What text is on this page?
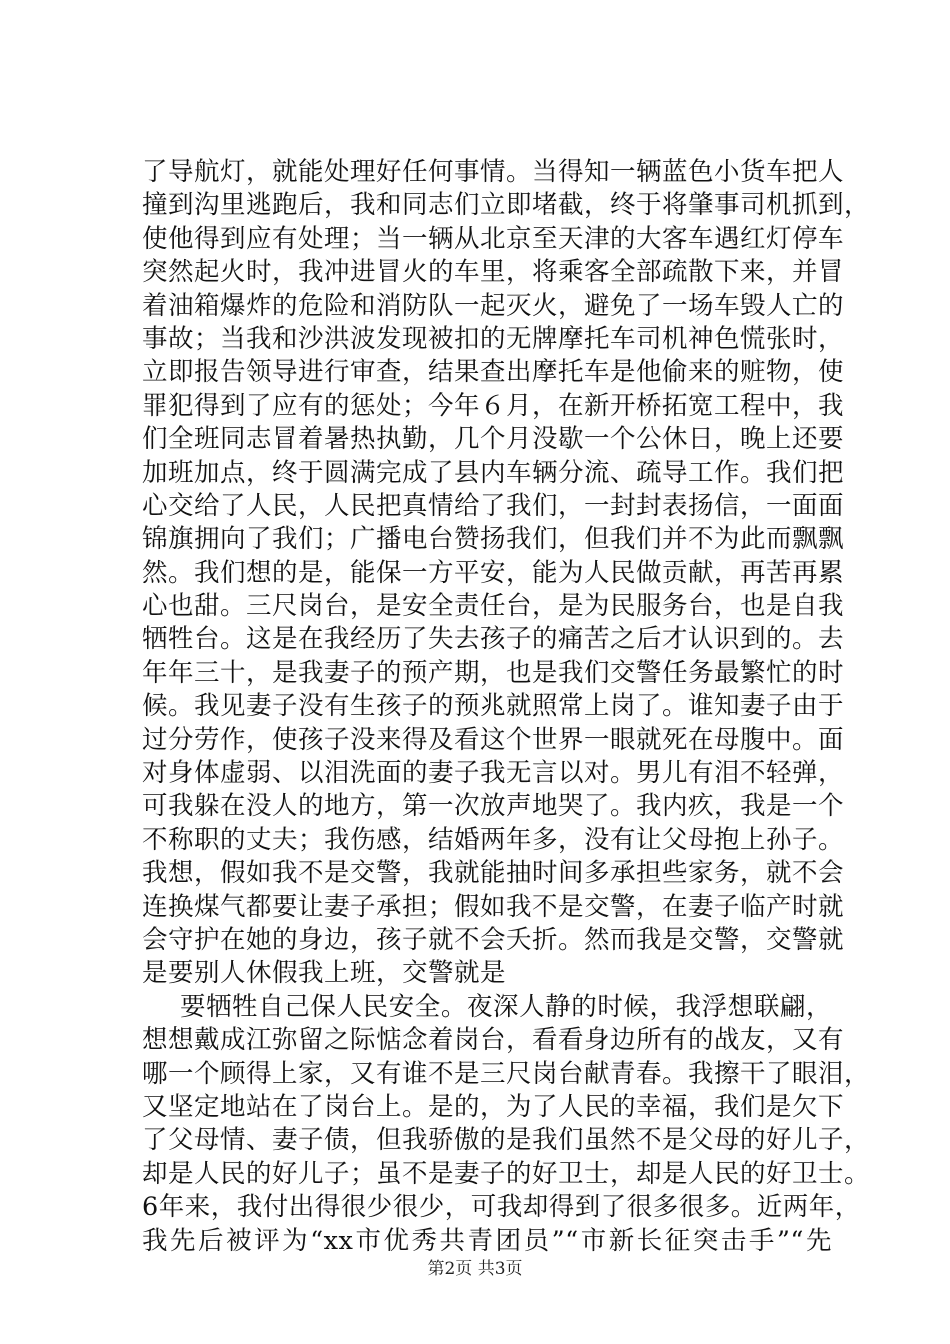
了导航灯，就能处理好任何事情。当得知一辆蓝色小货车把人
撞到沟里逃跑后，我和同志们立即堵截，终于将肇事司机抓到，
使他得到应有处理；当一辆从北京至天津的大客车遇红灯停车
突然起火时，我冲进冒火的车里，将乘客全部疏散下来，并冒
着油箱爆炸的危险和消防队一起灭火，避免了一场车毁人亡的
事故；当我和沙洪波发现被扣的无牌摩托车司机神色慌张时，
立即报告领导进行审查，结果查出摩托车是他偷来的赃物，使
罪犯得到了应有的惩处；今年６月，在新开桥拓宽工程中，我
们全班同志冒着暑热执勤，几个月没歇一个公休日，晚上还要
加班加点，终于圆满完成了县内车辆分流、疏导工作。我们把
心交给了人民，人民把真情给了我们，一封封表扬信，一面面
锦旗拥向了我们；广播电台赞扬我们，但我们并不为此而飘飘
然。我们想的是，能保一方平安，能为人民做贡献，再苦再累
心也甜。三尺岗台，是安全责任台，是为民服务台，也是自我
牺牲台。这是在我经历了失去孩子的痛苦之后才认识到的。去
年年三十，是我妻子的预产期，也是我们交警任务最繁忙的时
候。我见妻子没有生孩子的预兆就照常上岗了。谁知妻子由于
过分劳作，使孩子没来得及看这个世界一眼就死在母腹中。面
对身体虚弱、以泪洗面的妻子我无言以对。男儿有泪不轻弹，
可我躲在没人的地方，第一次放声地哭了。我内疚，我是一个
不称职的丈夫；我伤感，结婚两年多，没有让父母抱上孙子。
我想，假如我不是交警，我就能抽时间多承担些家务，就不会
连换煤气都要让妻子承担；假如我不是交警，在妻子临产时就
会守护在她的身边，孩子就不会夭折。然而我是交警，交警就
是要别人休假我上班，交警就是
要牺牲自己保人民安全。夜深人静的时候，我浮想联翩，
想想戴成江弥留之际惦念着岗台，看看身边所有的战友，又有
哪一个顾得上家，又有谁不是三尺岗台献青春。我擦干了眼泪，
又坚定地站在了岗台上。是的，为了人民的幸福，我们是欠下
了父母情、妻子债，但我骄傲的是我们虽然不是父母的好儿子，
却是人民的好儿子；虽不是妻子的好卫士，却是人民的好卫士。
6年来，我付出得很少很少，可我却得到了很多很多。近两年，
我先后被评为“xx市优秀共青团员”“市新长征突击手”“先
第2页 共3页
